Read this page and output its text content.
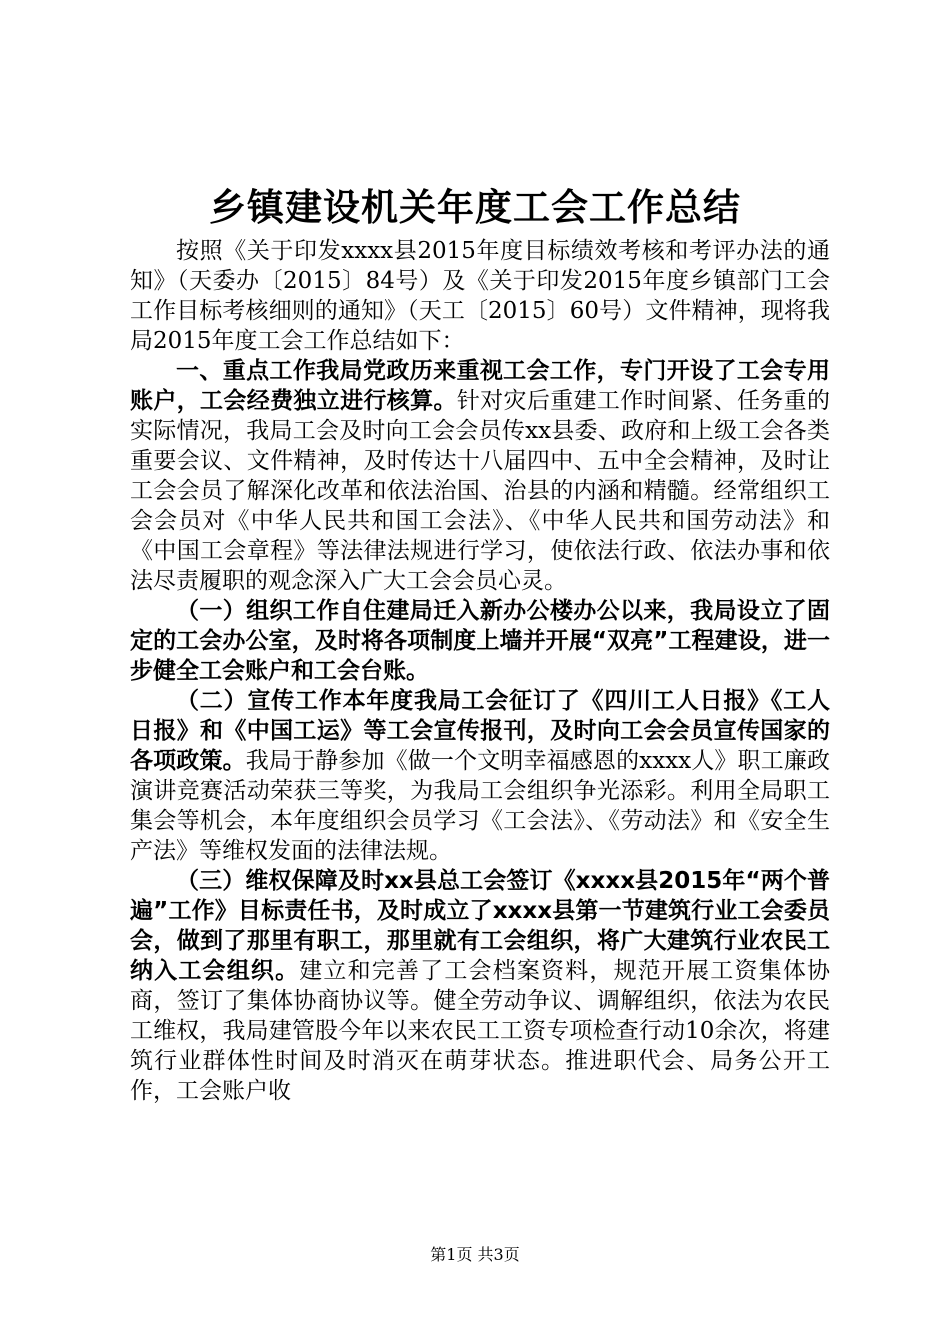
乡镇建设机关年度工会工作总结

按照《关于印发xxxx县2015年度目标绩效考核和考评办法的通知》（天委办〔2015〕84号）及《关于印发2015年度乡镇部门工会工作目标考核细则的通知》（天工〔2015〕60号）文件精神，现将我局2015年度工会工作总结如下：

一、重点工作我局党政历来重视工会工作，专门开设了工会专用账户，工会经费独立进行核算。针对灾后重建工作时间紧、任务重的实际情况，我局工会及时向工会会员传xx县委、政府和上级工会各类重要会议、文件精神，及时传达十八届四中、五中全会精神，及时让工会会员了解深化改革和依法治国、治县的内涵和精髓。经常组织工会会员对《中华人民共和国工会法》、《中华人民共和国劳动法》和《中国工会章程》等法律法规进行学习，使依法行政、依法办事和依法尽责履职的观念深入广大工会会员心灵。

（一）组织工作自住建局迁入新办公楼办公以来，我局设立了固定的工会办公室，及时将各项制度上墙并开展“双亮”工程建设，进一步健全工会账户和工会台账。

（二）宣传工作本年度我局工会征订了《四川工人日报》《工人日报》和《中国工运》等工会宣传报刊，及时向工会会员宣传国家的各项政策。我局于静参加《做一个文明幸福感恩的xxxx人》职工廉政演讲竞赛活动荣获三等奖，为我局工会组织争光添彩。利用全局职工集会等机会，本年度组织会员学习《工会法》、《劳动法》和《安全生产法》等维权发面的法律法规。

（三）维权保障及时xx县总工会签订《xxxx县2015年“两个普遍”工作》目标责任书，及时成立了xxxx县第一节建筑行业工会委员会，做到了那里有职工，那里就有工会组织，将广大建筑行业农民工纳入工会组织。建立和完善了工会档案资料，规范开展工资集体协商，签订了集体协商协议等。健全劳动争议、调解组织，依法为农民工维权，我局建管股今年以来农民工工资专项检查行动10余次，将建筑行业群体性时间及时消灭在萌芽状态。推进职代会、局务公开工作，工会账户收

第1页 共3页
